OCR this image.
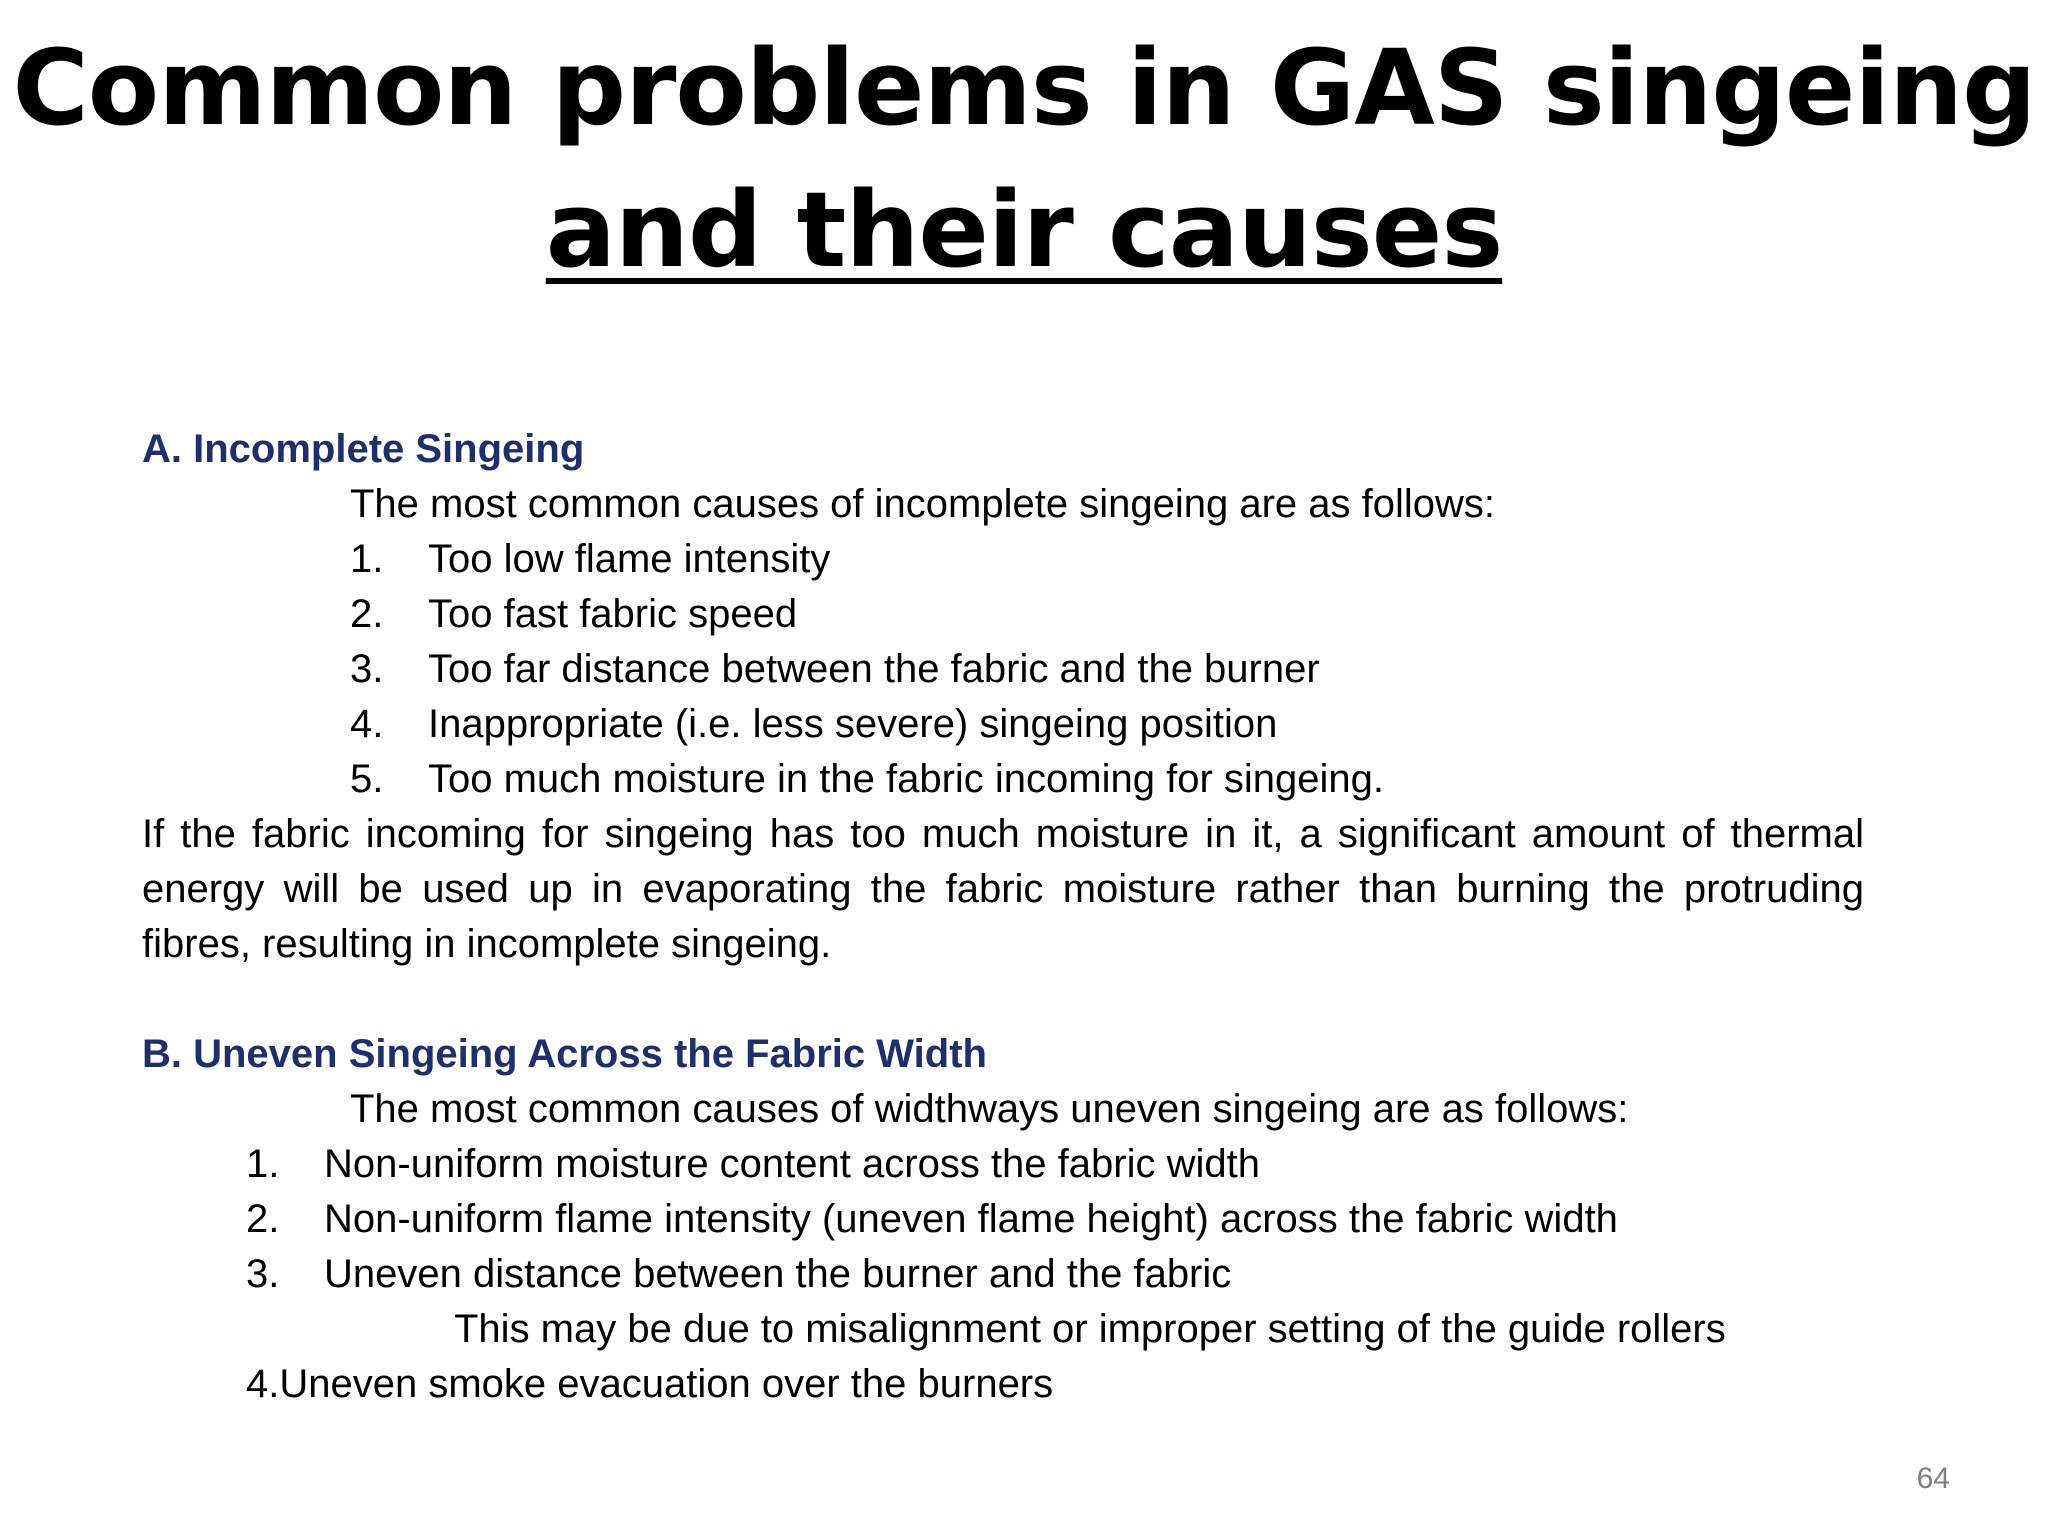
Common problems in GAS singeing
and their causes

A. Incomplete Singeing

The most common causes of incomplete singeing are as follows:

1.	Too low flame intensity
2.	Too fast fabric speed
3.	Too far distance between the fabric and the burner
4.	Inappropriate (i.e. less severe) singeing position
5.	Too much moisture in the fabric incoming for singeing.

If the fabric incoming for singeing has too much moisture in it, a significant amount of thermal energy will be used up in evaporating the fabric moisture rather than burning the protruding fibres, resulting in incomplete singeing.

B. Uneven Singeing Across the Fabric Width

The most common causes of widthways uneven singeing are as follows:

1.	Non-uniform moisture content across the fabric width
2.	Non-uniform flame intensity (uneven flame height) across the fabric width
3.	Uneven distance between the burner and the fabric

This may be due to misalignment or improper setting of the guide rollers

4.Uneven smoke evacuation over the burners

64
